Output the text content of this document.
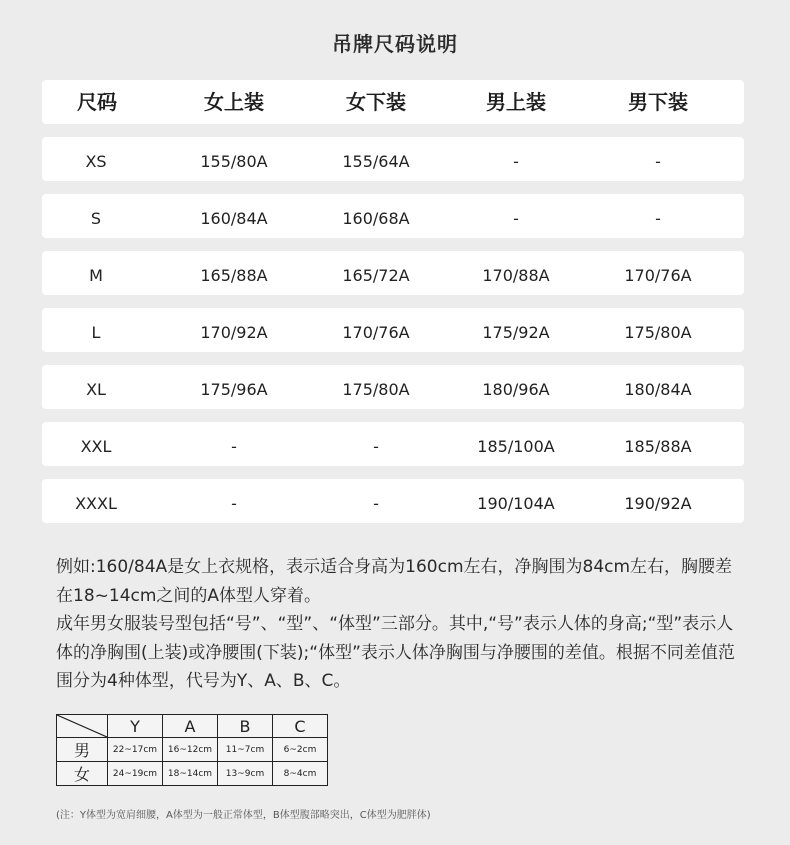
吊牌尺码说明
尺码	女上装	女下装	男上装	男下装
XS	155/80A	155/64A	-	-
S	160/84A	160/68A	-	-
M	165/88A	165/72A	170/88A	170/76A
L	170/92A	170/76A	175/92A	175/80A
XL	175/96A	175/80A	180/96A	180/84A
XXL	-	-	185/100A	185/88A
XXXL	-	-	190/104A	190/92A

例如:160/84A是女上衣规格，表示适合身高为160cm左右，净胸围为84cm左右，胸腰差在18~14cm之间的A体型人穿着。

成年男女服装号型包括“号”、“型”、“体型”三部分。其中,“号”表示人体的身高;“型”表示人体的净胸围(上装)或净腰围(下装);“体型”表示人体净胸围与净腰围的差值。根据不同差值范围分为4种体型，代号为Y、A、B、C。

	Y	A	B	C
男	22~17cm	16~12cm	11~7cm	6~2cm
女	24~19cm	18~14cm	13~9cm	8~4cm
(注：Y体型为宽肩细腰，A体型为一般正常体型，B体型腹部略突出，C体型为肥胖体)
